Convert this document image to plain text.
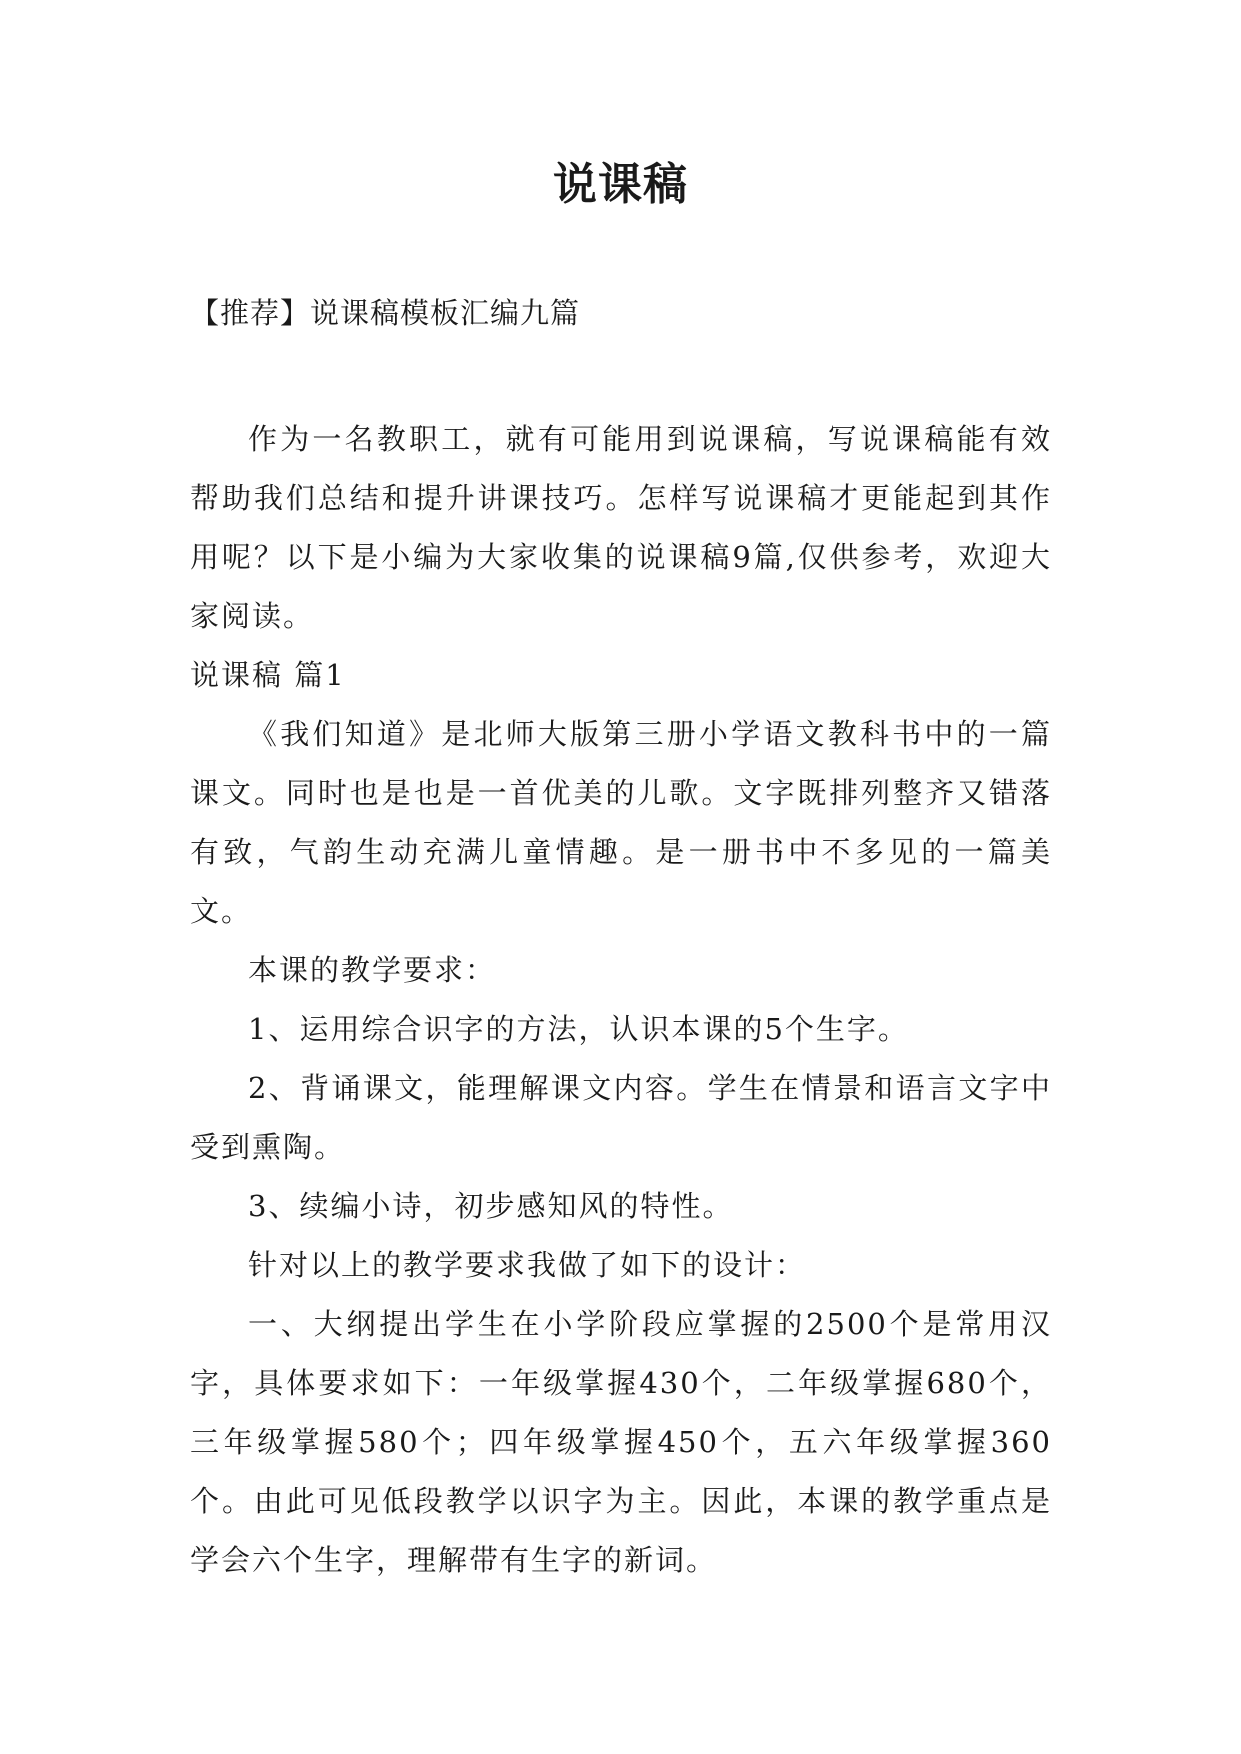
说课稿
【推荐】说课稿模板汇编九篇

作为一名教职工，就有可能用到说课稿，写说课稿能有效帮助我们总结和提升讲课技巧。怎样写说课稿才更能起到其作用呢？以下是小编为大家收集的说课稿9篇,仅供参考，欢迎大家阅读。

说课稿 篇1

《我们知道》是北师大版第三册小学语文教科书中的一篇课文。同时也是也是一首优美的儿歌。文字既排列整齐又错落有致，气韵生动充满儿童情趣。是一册书中不多见的一篇美文。

本课的教学要求：

1、运用综合识字的方法，认识本课的5个生字。

2、背诵课文，能理解课文内容。学生在情景和语言文字中受到熏陶。

3、续编小诗，初步感知风的特性。

针对以上的教学要求我做了如下的设计：

一、大纲提出学生在小学阶段应掌握的2500个是常用汉字，具体要求如下：一年级掌握430个，二年级掌握680个，三年级掌握580个；四年级掌握450个，五六年级掌握360个。由此可见低段教学以识字为主。因此，本课的教学重点是学会六个生字，理解带有生字的新词。
